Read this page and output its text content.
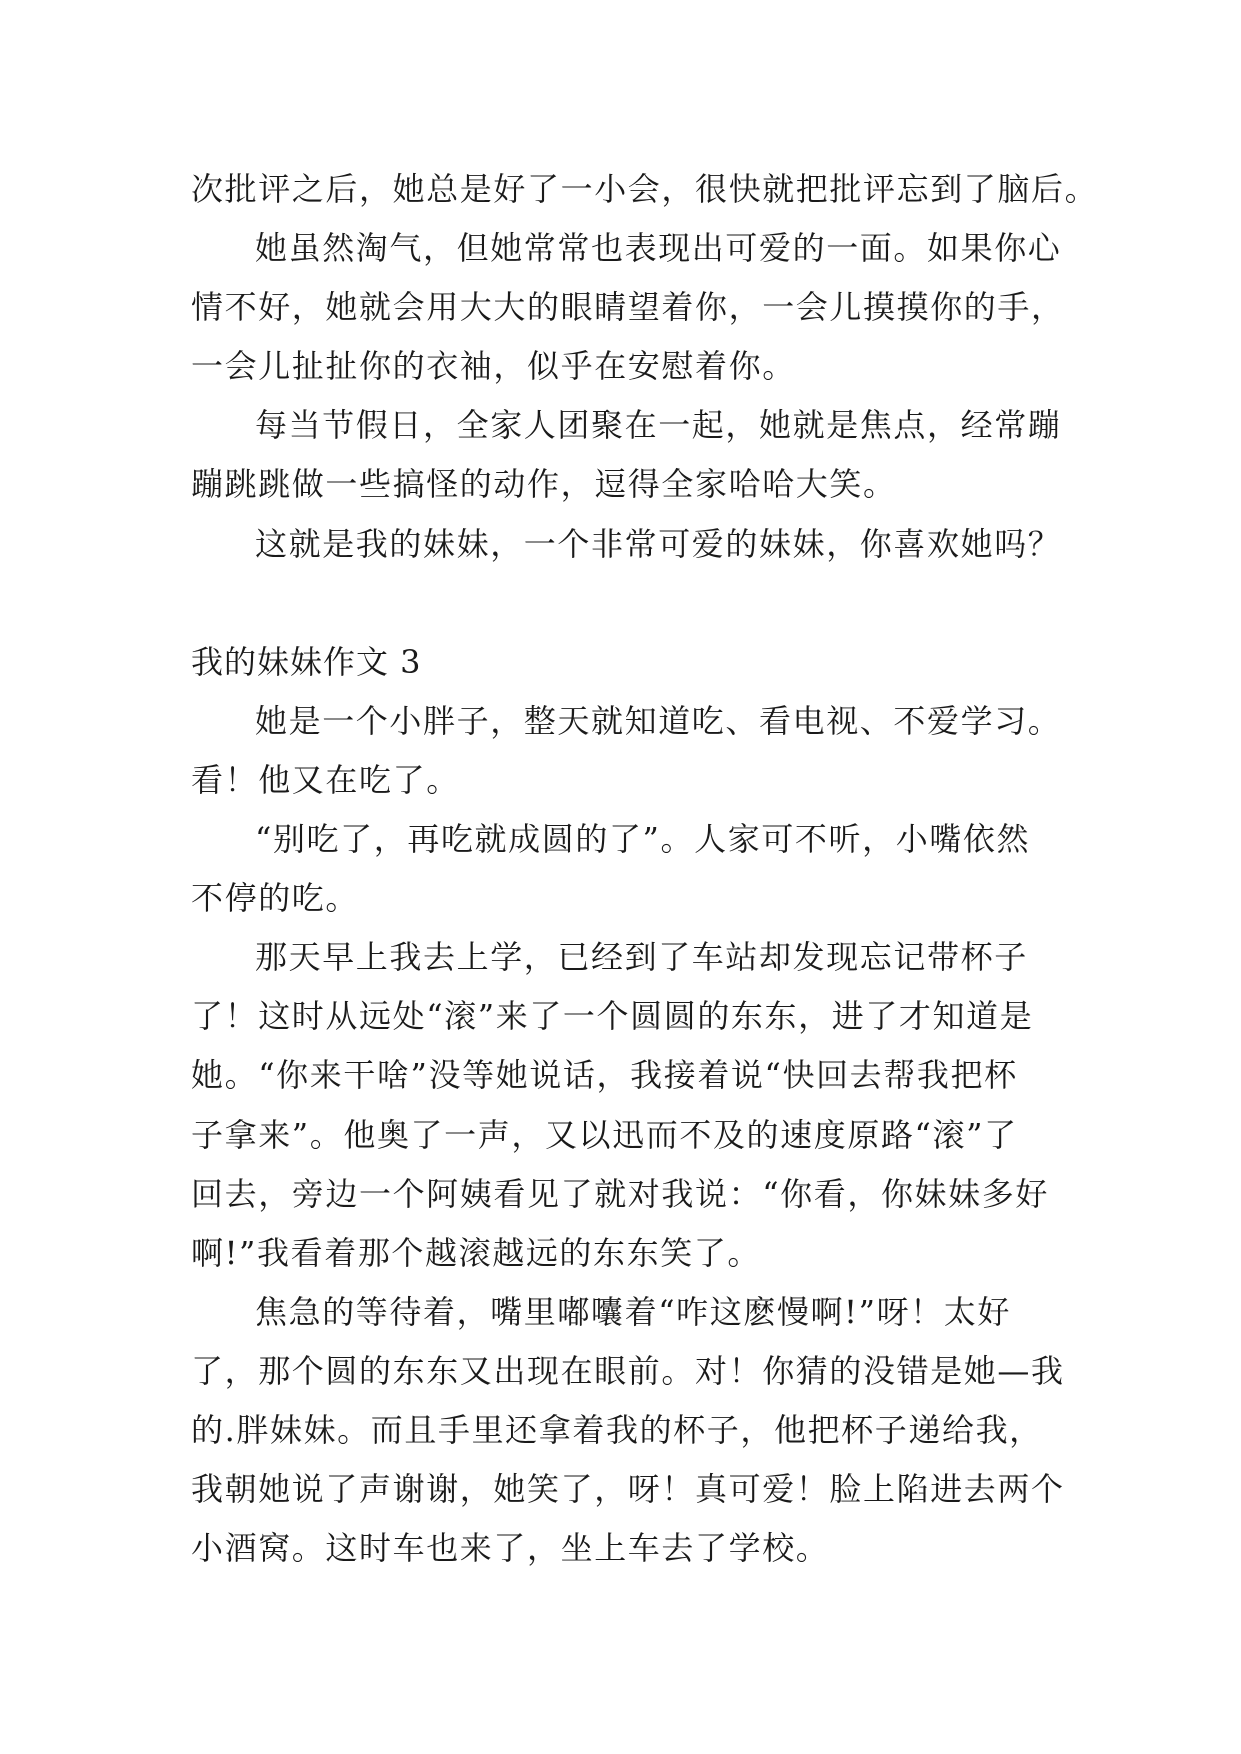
次批评之后，她总是好了一小会，很快就把批评忘到了脑后。
她虽然淘气，但她常常也表现出可爱的一面。如果你心
情不好，她就会用大大的眼睛望着你，一会儿摸摸你的手，
一会儿扯扯你的衣袖，似乎在安慰着你。
每当节假日，全家人团聚在一起，她就是焦点，经常蹦
蹦跳跳做一些搞怪的动作，逗得全家哈哈大笑。
这就是我的妹妹，一个非常可爱的妹妹，你喜欢她吗？
我的妹妹作文 3
她是一个小胖子，整天就知道吃、看电视、不爱学习。
看！他又在吃了。
“别吃了，再吃就成圆的了”。人家可不听，小嘴依然
不停的吃。
那天早上我去上学，已经到了车站却发现忘记带杯子
了！这时从远处“滚”来了一个圆圆的东东，进了才知道是
她。“你来干啥”没等她说话，我接着说“快回去帮我把杯
子拿来”。他奥了一声，又以迅而不及的速度原路“滚”了
回去，旁边一个阿姨看见了就对我说：“你看，你妹妹多好
啊!”我看着那个越滚越远的东东笑了。
焦急的等待着，嘴里嘟囔着“咋这麽慢啊!”呀！太好
了，那个圆的东东又出现在眼前。对！你猜的没错是她—我
的.胖妹妹。而且手里还拿着我的杯子，他把杯子递给我，
我朝她说了声谢谢，她笑了，呀！真可爱！脸上陷进去两个
小酒窝。这时车也来了，坐上车去了学校。
